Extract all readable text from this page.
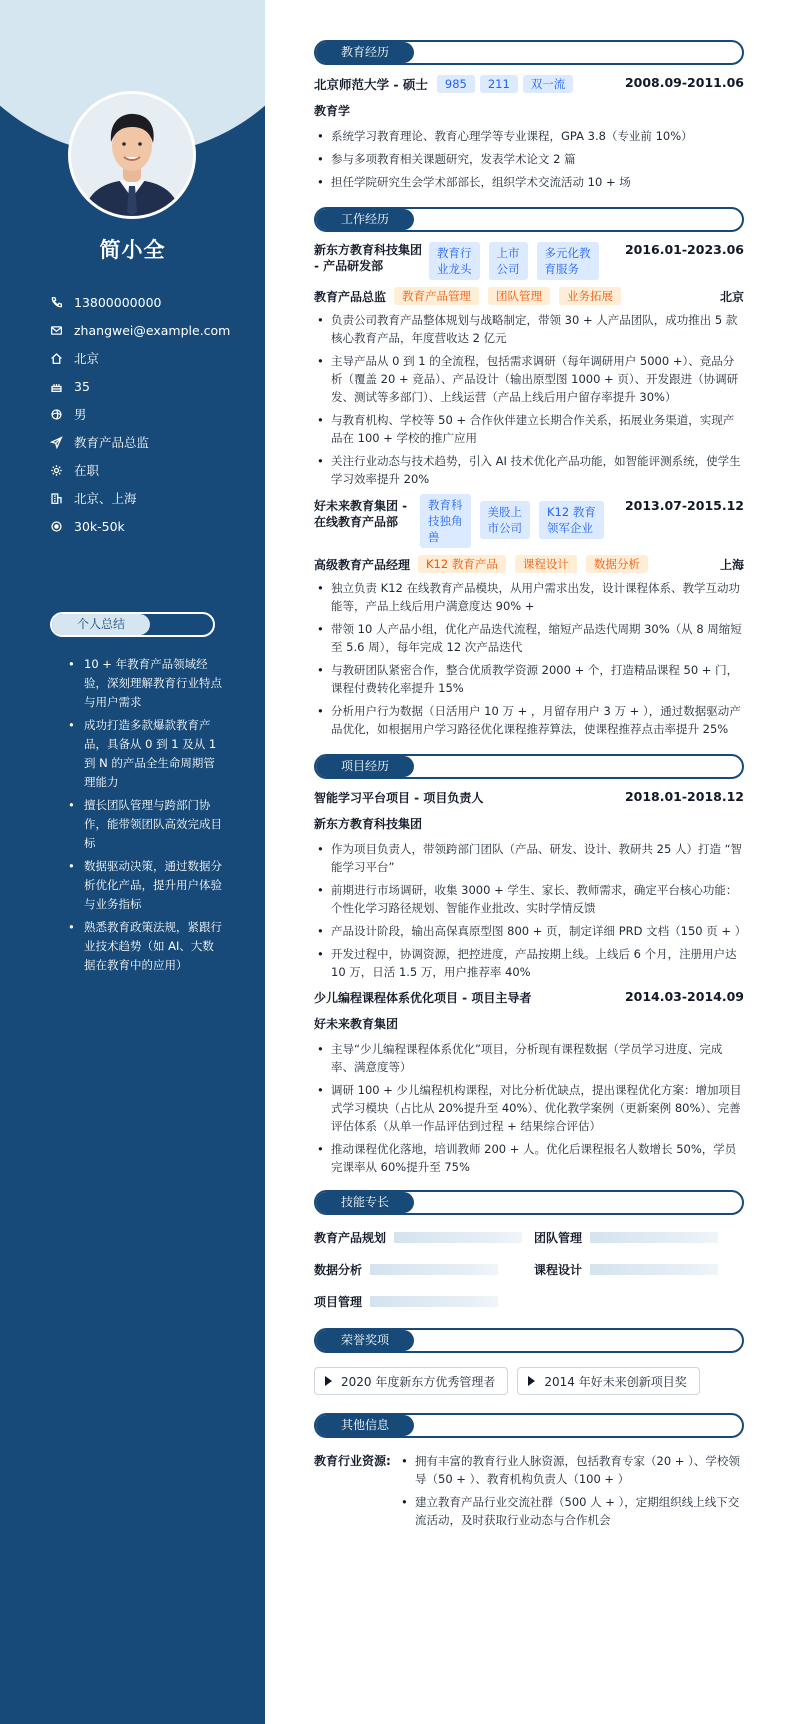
简小全
13800000000
zhangwei@example.com
北京
35
男
教育产品总监
在职
北京、上海
30k-50k
个人总结
• 10 + 年教育产品领域经验，深刻理解教育行业特点与用户需求
• 成功打造多款爆款教育产品，具备从 0 到 1 及从 1 到 N 的产品全生命周期管理能力
• 擅长团队管理与跨部门协作，能带领团队高效完成目标
• 数据驱动决策，通过数据分析优化产品，提升用户体验与业务指标
• 熟悉教育政策法规，紧跟行业技术趋势（如 AI、大数据在教育中的应用）
教育经历
北京师范大学 - 硕士	985	211	双一流	2008.09-2011.06
教育学
• 系统学习教育理论、教育心理学等专业课程，GPA 3.8（专业前 10%）
• 参与多项教育相关课题研究，发表学术论文 2 篇
• 担任学院研究生会学术部部长，组织学术交流活动 10 + 场
工作经历
新东方教育科技集团
- 产品研发部
教育行
业龙头
上市
公司
多元化教
育服务
2016.01-2023.06
教育产品总监	教育产品管理	团队管理	业务拓展	北京
• 负责公司教育产品整体规划与战略制定，带领 30 + 人产品团队，成功推出 5 款核心教育产品，年度营收达 2 亿元
• 主导产品从 0 到 1 的全流程，包括需求调研（每年调研用户 5000 +）、竞品分析（覆盖 20 + 竞品）、产品设计（输出原型图 1000 + 页）、开发跟进（协调研发、测试等多部门）、上线运营（产品上线后用户留存率提升 30%）
• 与教育机构、学校等 50 + 合作伙伴建立长期合作关系，拓展业务渠道，实现产品在 100 + 学校的推广应用
• 关注行业动态与技术趋势，引入 AI 技术优化产品功能，如智能评测系统，使学生学习效率提升 20%
好未来教育集团 -
在线教育产品部
教育科
技独角
兽
美股上
市公司
K12 教育
领军企业
2013.07-2015.12
高级教育产品经理	K12 教育产品	课程设计	数据分析	上海
• 独立负责 K12 在线教育产品模块，从用户需求出发，设计课程体系、教学互动功能等，产品上线后用户满意度达 90% +
• 带领 10 人产品小组，优化产品迭代流程，缩短产品迭代周期 30%（从 8 周缩短至 5.6 周），每年完成 12 次产品迭代
• 与教研团队紧密合作，整合优质教学资源 2000 + 个，打造精品课程 50 + 门，课程付费转化率提升 15%
• 分析用户行为数据（日活用户 10 万 + ，月留存用户 3 万 + ），通过数据驱动产品优化，如根据用户学习路径优化课程推荐算法，使课程推荐点击率提升 25%
项目经历
智能学习平台项目 - 项目负责人	2018.01-2018.12
新东方教育科技集团
• 作为项目负责人，带领跨部门团队（产品、研发、设计、教研共 25 人）打造 “智能学习平台”
• 前期进行市场调研，收集 3000 + 学生、家长、教师需求，确定平台核心功能：个性化学习路径规划、智能作业批改、实时学情反馈
• 产品设计阶段，输出高保真原型图 800 + 页，制定详细 PRD 文档（150 页 + ）
• 开发过程中，协调资源，把控进度，产品按期上线。上线后 6 个月，注册用户达 10 万，日活 1.5 万，用户推荐率 40%
少儿编程课程体系优化项目 - 项目主导者	2014.03-2014.09
好未来教育集团
• 主导“少儿编程课程体系优化”项目，分析现有课程数据（学员学习进度、完成率、满意度等）
• 调研 100 + 少儿编程机构课程，对比分析优缺点，提出课程优化方案：增加项目式学习模块（占比从 20%提升至 40%）、优化教学案例（更新案例 80%）、完善评估体系（从单一作品评估到过程 + 结果综合评估）
• 推动课程优化落地，培训教师 200 + 人。优化后课程报名人数增长 50%，学员完课率从 60%提升至 75%
技能专长
教育产品规划	团队管理
数据分析	课程设计
项目管理
荣誉奖项
2020 年度新东方优秀管理者	2014 年好未来创新项目奖
其他信息
教育行业资源:
•	拥有丰富的教育行业人脉资源，包括教育专家（20 + ）、学校领导（50 + ）、教育机构负责人（100 + ）
• 建立教育产品行业交流社群（500 人 + ），定期组织线上线下交流活动，及时获取行业动态与合作机会
